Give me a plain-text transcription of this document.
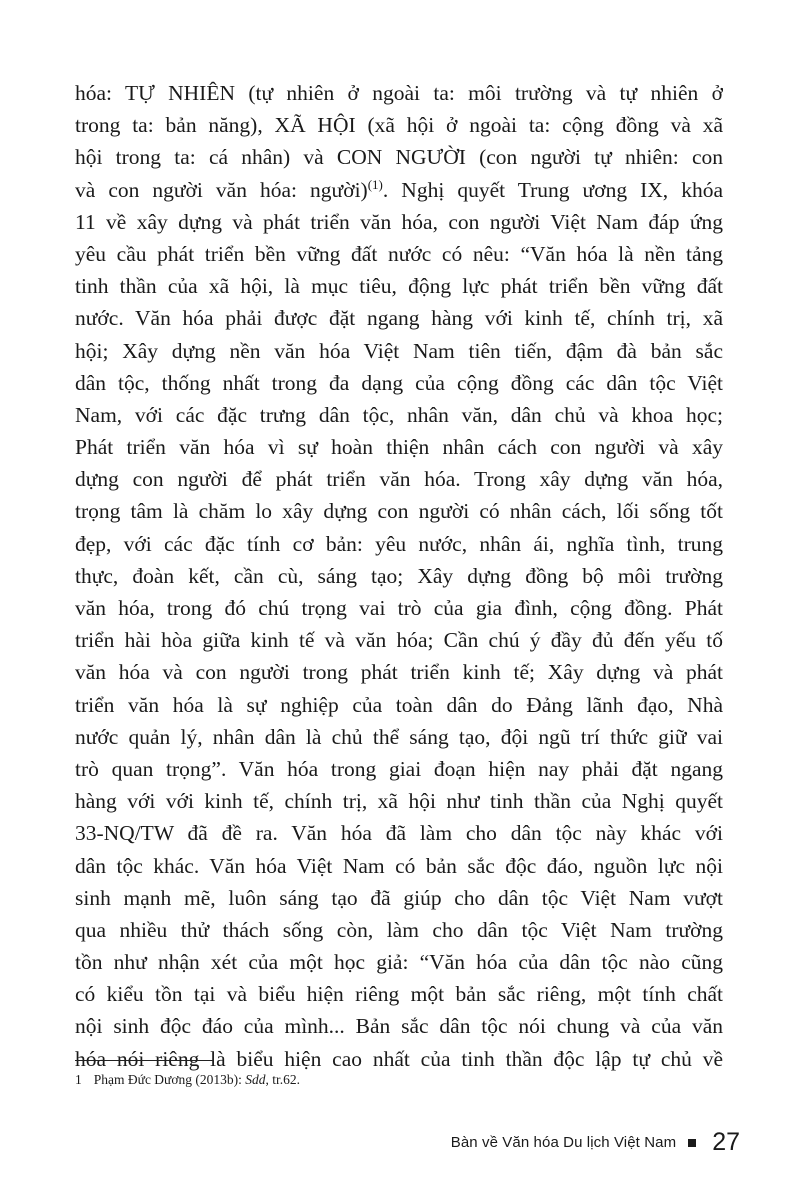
hóa: TỰ NHIÊN (tự nhiên ở ngoài ta: môi trường và tự nhiên ở
trong ta: bản năng), XÃ HỘI (xã hội ở ngoài ta: cộng đồng và xã
hội trong ta: cá nhân) và CON NGƯỜI (con người tự nhiên: con
và con người văn hóa: người)$^{(1)}$. Nghị quyết Trung ương IX, khóa
11 về xây dựng và phát triển văn hóa, con người Việt Nam đáp ứng
yêu cầu phát triển bền vững đất nước có nêu: “Văn hóa là nền tảng
tinh thần của xã hội, là mục tiêu, động lực phát triển bền vững đất
nước. Văn hóa phải được đặt ngang hàng với kinh tế, chính trị, xã
hội; Xây dựng nền văn hóa Việt Nam tiên tiến, đậm đà bản sắc
dân tộc, thống nhất trong đa dạng của cộng đồng các dân tộc Việt
Nam, với các đặc trưng dân tộc, nhân văn, dân chủ và khoa học;
Phát triển văn hóa vì sự hoàn thiện nhân cách con người và xây
dựng con người để phát triển văn hóa. Trong xây dựng văn hóa,
trọng tâm là chăm lo xây dựng con người có nhân cách, lối sống tốt
đẹp, với các đặc tính cơ bản: yêu nước, nhân ái, nghĩa tình, trung
thực, đoàn kết, cần cù, sáng tạo; Xây dựng đồng bộ môi trường
văn hóa, trong đó chú trọng vai trò của gia đình, cộng đồng. Phát
triển hài hòa giữa kinh tế và văn hóa; Cần chú ý đầy đủ đến yếu tố
văn hóa và con người trong phát triển kinh tế; Xây dựng và phát
triển văn hóa là sự nghiệp của toàn dân do Đảng lãnh đạo, Nhà
nước quản lý, nhân dân là chủ thể sáng tạo, đội ngũ trí thức giữ vai
trò quan trọng”. Văn hóa trong giai đoạn hiện nay phải đặt ngang
hàng với với kinh tế, chính trị, xã hội như tinh thần của Nghị quyết
33-NQ/TW đã đề ra. Văn hóa đã làm cho dân tộc này khác với
dân tộc khác. Văn hóa Việt Nam có bản sắc độc đáo, nguồn lực nội
sinh mạnh mẽ, luôn sáng tạo đã giúp cho dân tộc Việt Nam vượt
qua nhiều thử thách sống còn, làm cho dân tộc Việt Nam trường
tồn như nhận xét của một học giả: “Văn hóa của dân tộc nào cũng
có kiểu tồn tại và biểu hiện riêng một bản sắc riêng, một tính chất
nội sinh độc đáo của mình... Bản sắc dân tộc nói chung và của văn
hóa nói riêng là biểu hiện cao nhất của tinh thần độc lập tự chủ về
1 Phạm Đức Dương (2013b): Sdd, tr.62.
Bàn về Văn hóa Du lịch Việt Nam 27
